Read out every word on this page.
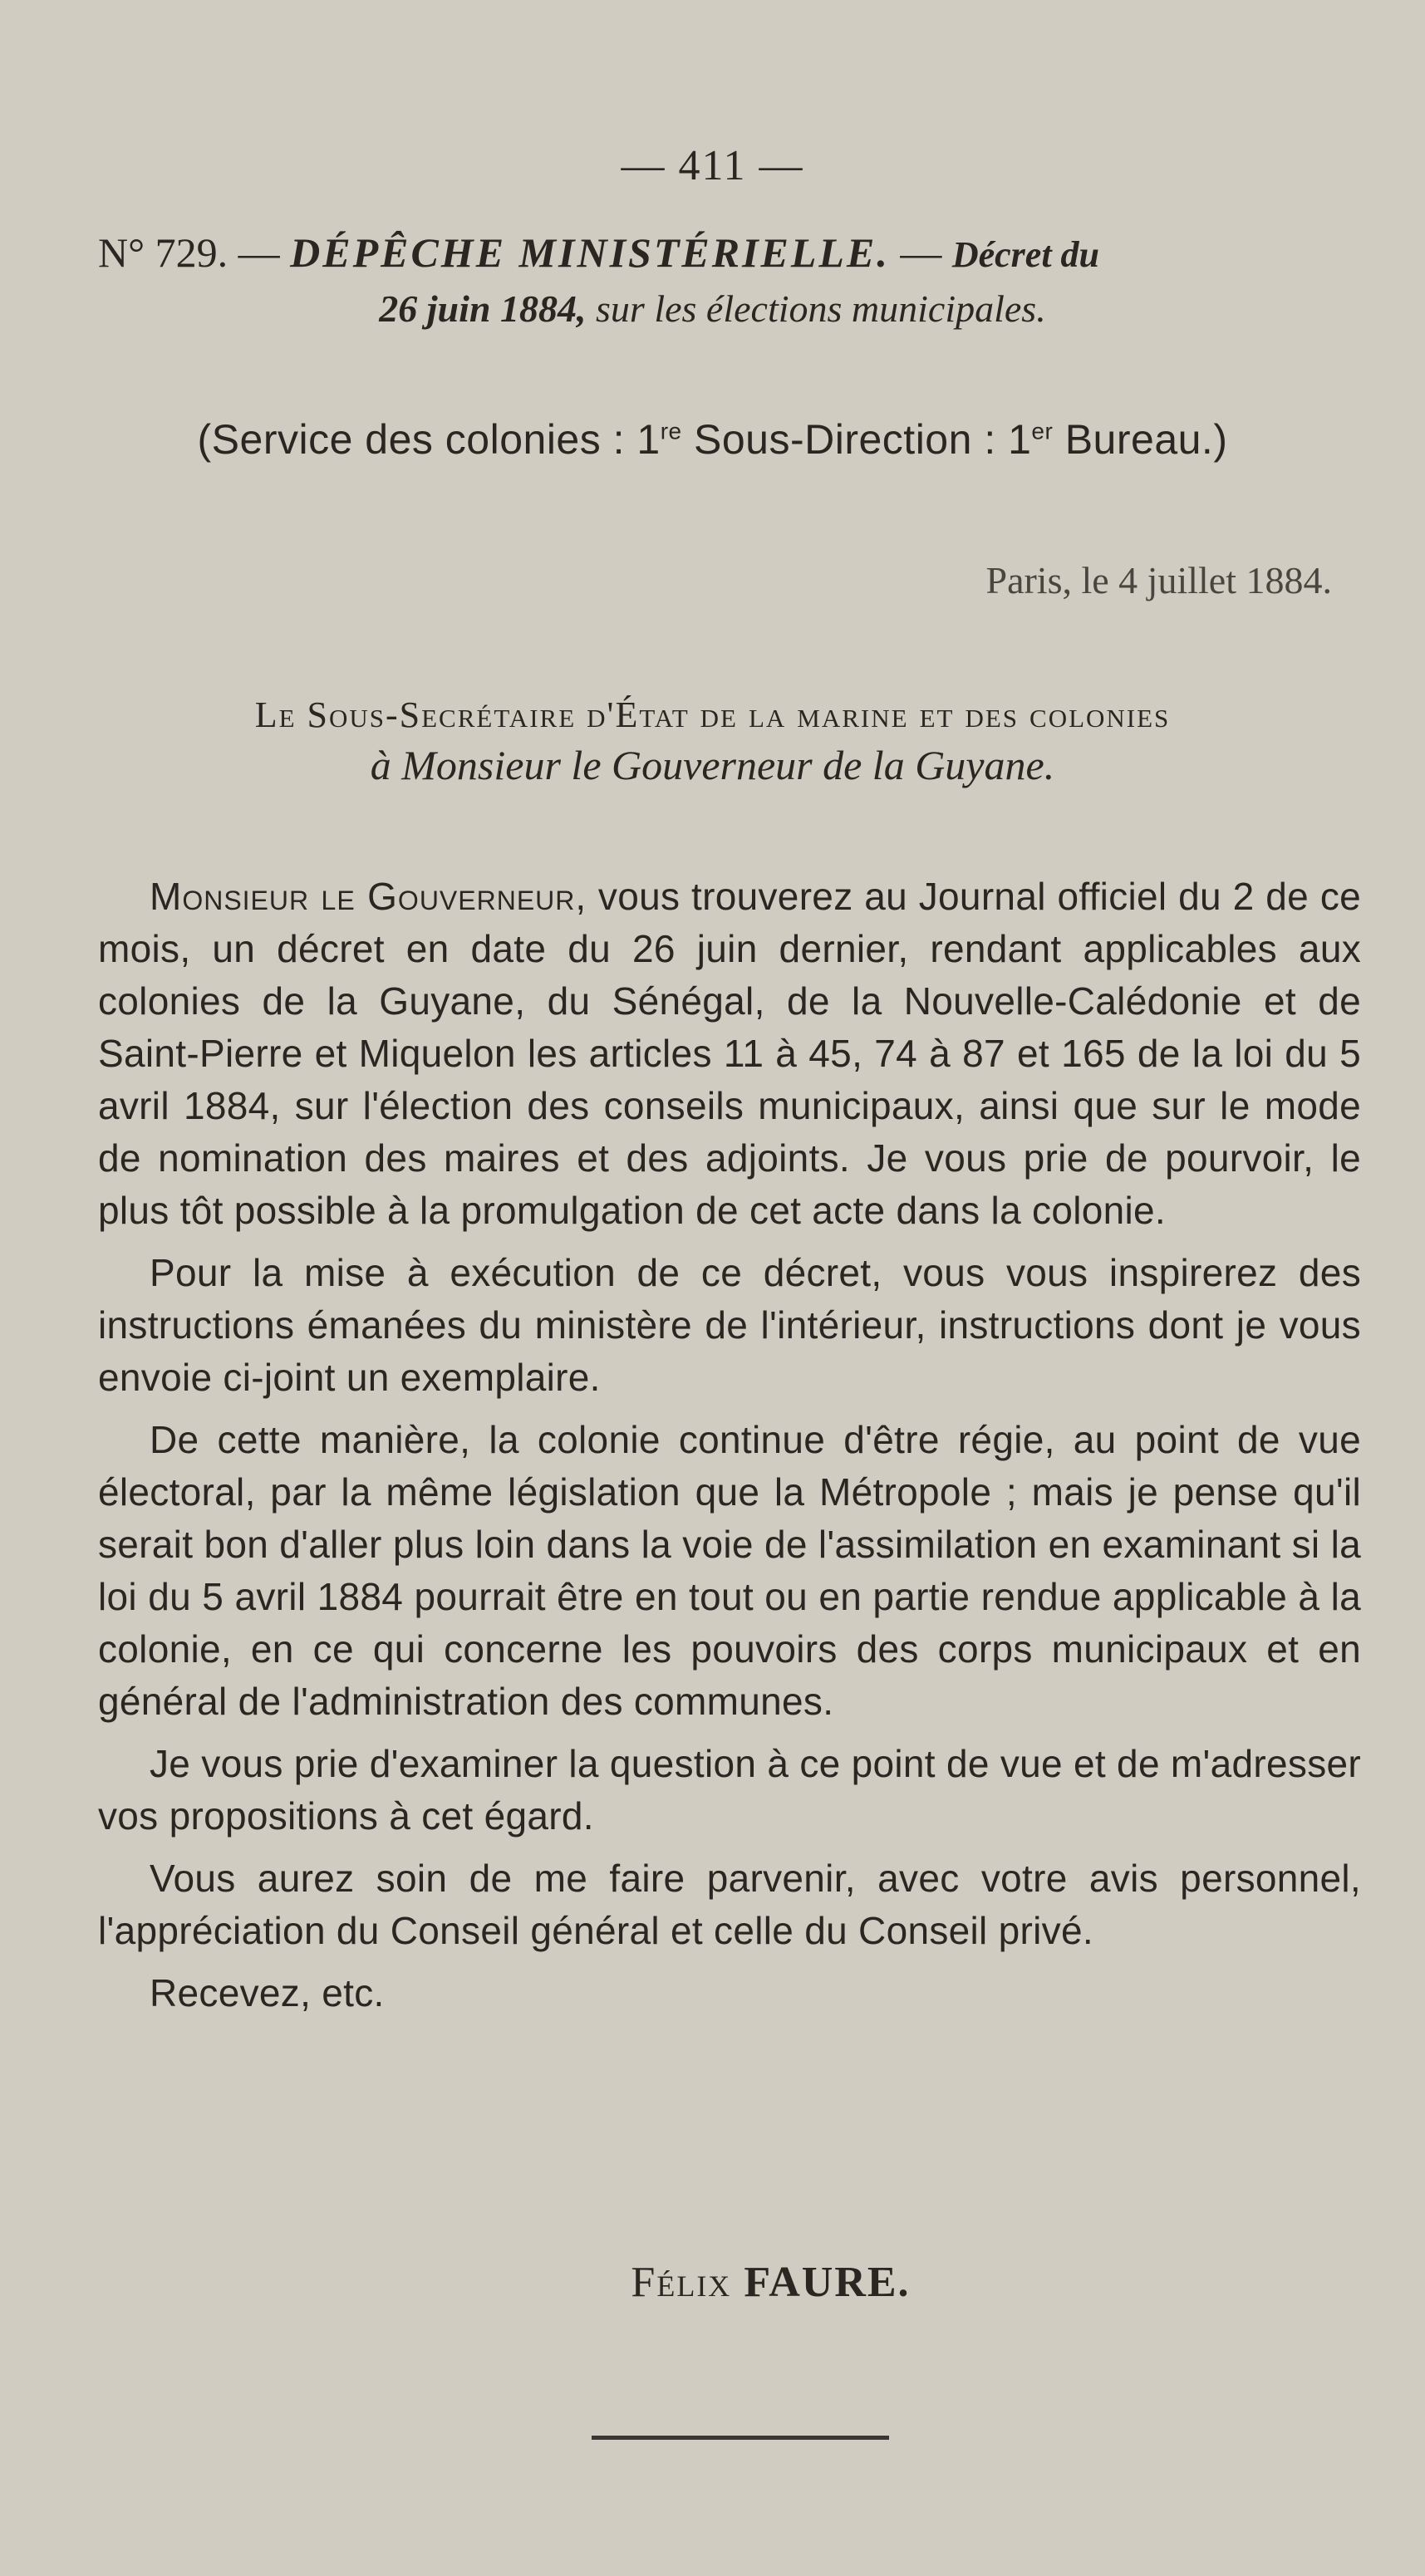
— 411 —
N° 729. — DÉPÊCHE MINISTÉRIELLE. — Décret du
26 juin 1884, sur les élections municipales.
(Service des colonies : 1re Sous-Direction : 1er Bureau.)
Paris, le 4 juillet 1884.
Le Sous-Secrétaire d'État de la marine et des colonies
à Monsieur le Gouverneur de la Guyane.

Monsieur le Gouverneur, vous trouverez au Journal officiel du 2 de ce mois, un décret en date du 26 juin dernier, rendant applicables aux colonies de la Guyane, du Sénégal, de la Nouvelle-Calédonie et de Saint-Pierre et Miquelon les articles 11 à 45, 74 à 87 et 165 de la loi du 5 avril 1884, sur l'élection des conseils municipaux, ainsi que sur le mode de nomination des maires et des adjoints. Je vous prie de pourvoir, le plus tôt possible à la promulgation de cet acte dans la colonie.

Pour la mise à exécution de ce décret, vous vous inspirerez des instructions émanées du ministère de l'intérieur, instructions dont je vous envoie ci-joint un exemplaire.

De cette manière, la colonie continue d'être régie, au point de vue électoral, par la même législation que la Métropole ; mais je pense qu'il serait bon d'aller plus loin dans la voie de l'assimilation en examinant si la loi du 5 avril 1884 pourrait être en tout ou en partie rendue applicable à la colonie, en ce qui concerne les pouvoirs des corps municipaux et en général de l'administration des communes.

Je vous prie d'examiner la question à ce point de vue et de m'adresser vos propositions à cet égard.

Vous aurez soin de me faire parvenir, avec votre avis personnel, l'appréciation du Conseil général et celle du Conseil privé.

Recevez, etc.

Félix FAURE.
